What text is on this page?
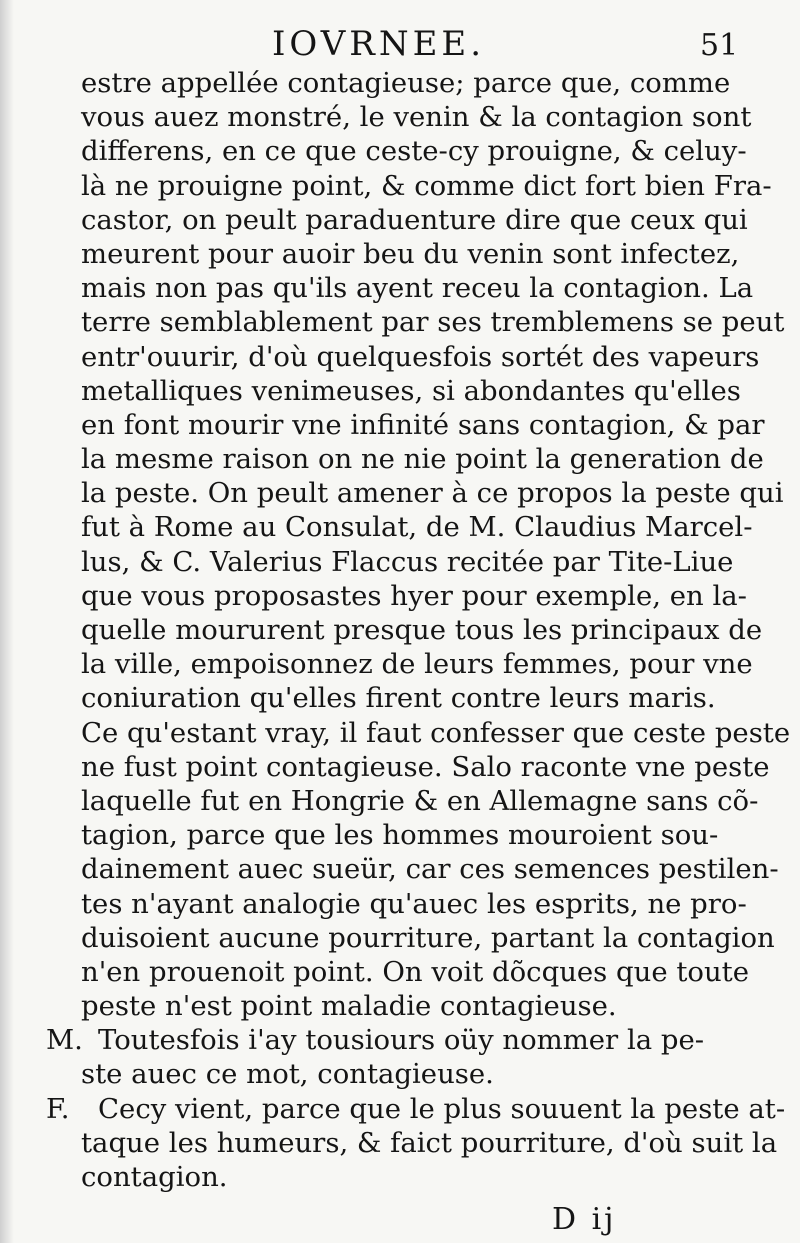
IOVRNEE.	51
estre appellée contagieuse; parce que, comme
vous auez monstré, le venin & la contagion sont
differens, en ce que ceste-cy prouigne, & celuy-
là ne prouigne point, & comme dict fort bien Fra-
castor, on peult paraduenture dire que ceux qui
meurent pour auoir beu du venin sont infectez,
mais non pas qu'ils ayent receu la contagion. La
terre semblablement par ses tremblemens se peut
entr'ouurir, d'où quelquesfois sortét des vapeurs
metalliques venimeuses, si abondantes qu'elles
en font mourir vne infinité sans contagion, & par
la mesme raison on ne nie point la generation de
la peste. On peult amener à ce propos la peste qui
fut à Rome au Consulat, de M. Claudius Marcel-
lus, & C. Valerius Flaccus recitée par Tite-Liue
que vous proposastes hyer pour exemple, en la-
quelle moururent presque tous les principaux de
la ville, empoisonnez de leurs femmes, pour vne
coniuration qu'elles firent contre leurs maris.
Ce qu'estant vray, il faut confesser que ceste peste
ne fust point contagieuse. Salo raconte vne peste
laquelle fut en Hongrie & en Allemagne sans cõ-
tagion, parce que les hommes mouroient sou-
dainement auec sueür, car ces semences pestilen-
tes n'ayant analogie qu'auec les esprits, ne pro-
duisoient aucune pourriture, partant la contagion
n'en prouenoit point. On voit dõcques que toute
peste n'est point maladie contagieuse.
M. Toutesfois i'ay tousiours oüy nommer la pe-
ste auec ce mot, contagieuse.
F. Cecy vient, parce que le plus souuent la peste at-
taque les humeurs, & faict pourriture, d'où suit la
contagion.
D ij
